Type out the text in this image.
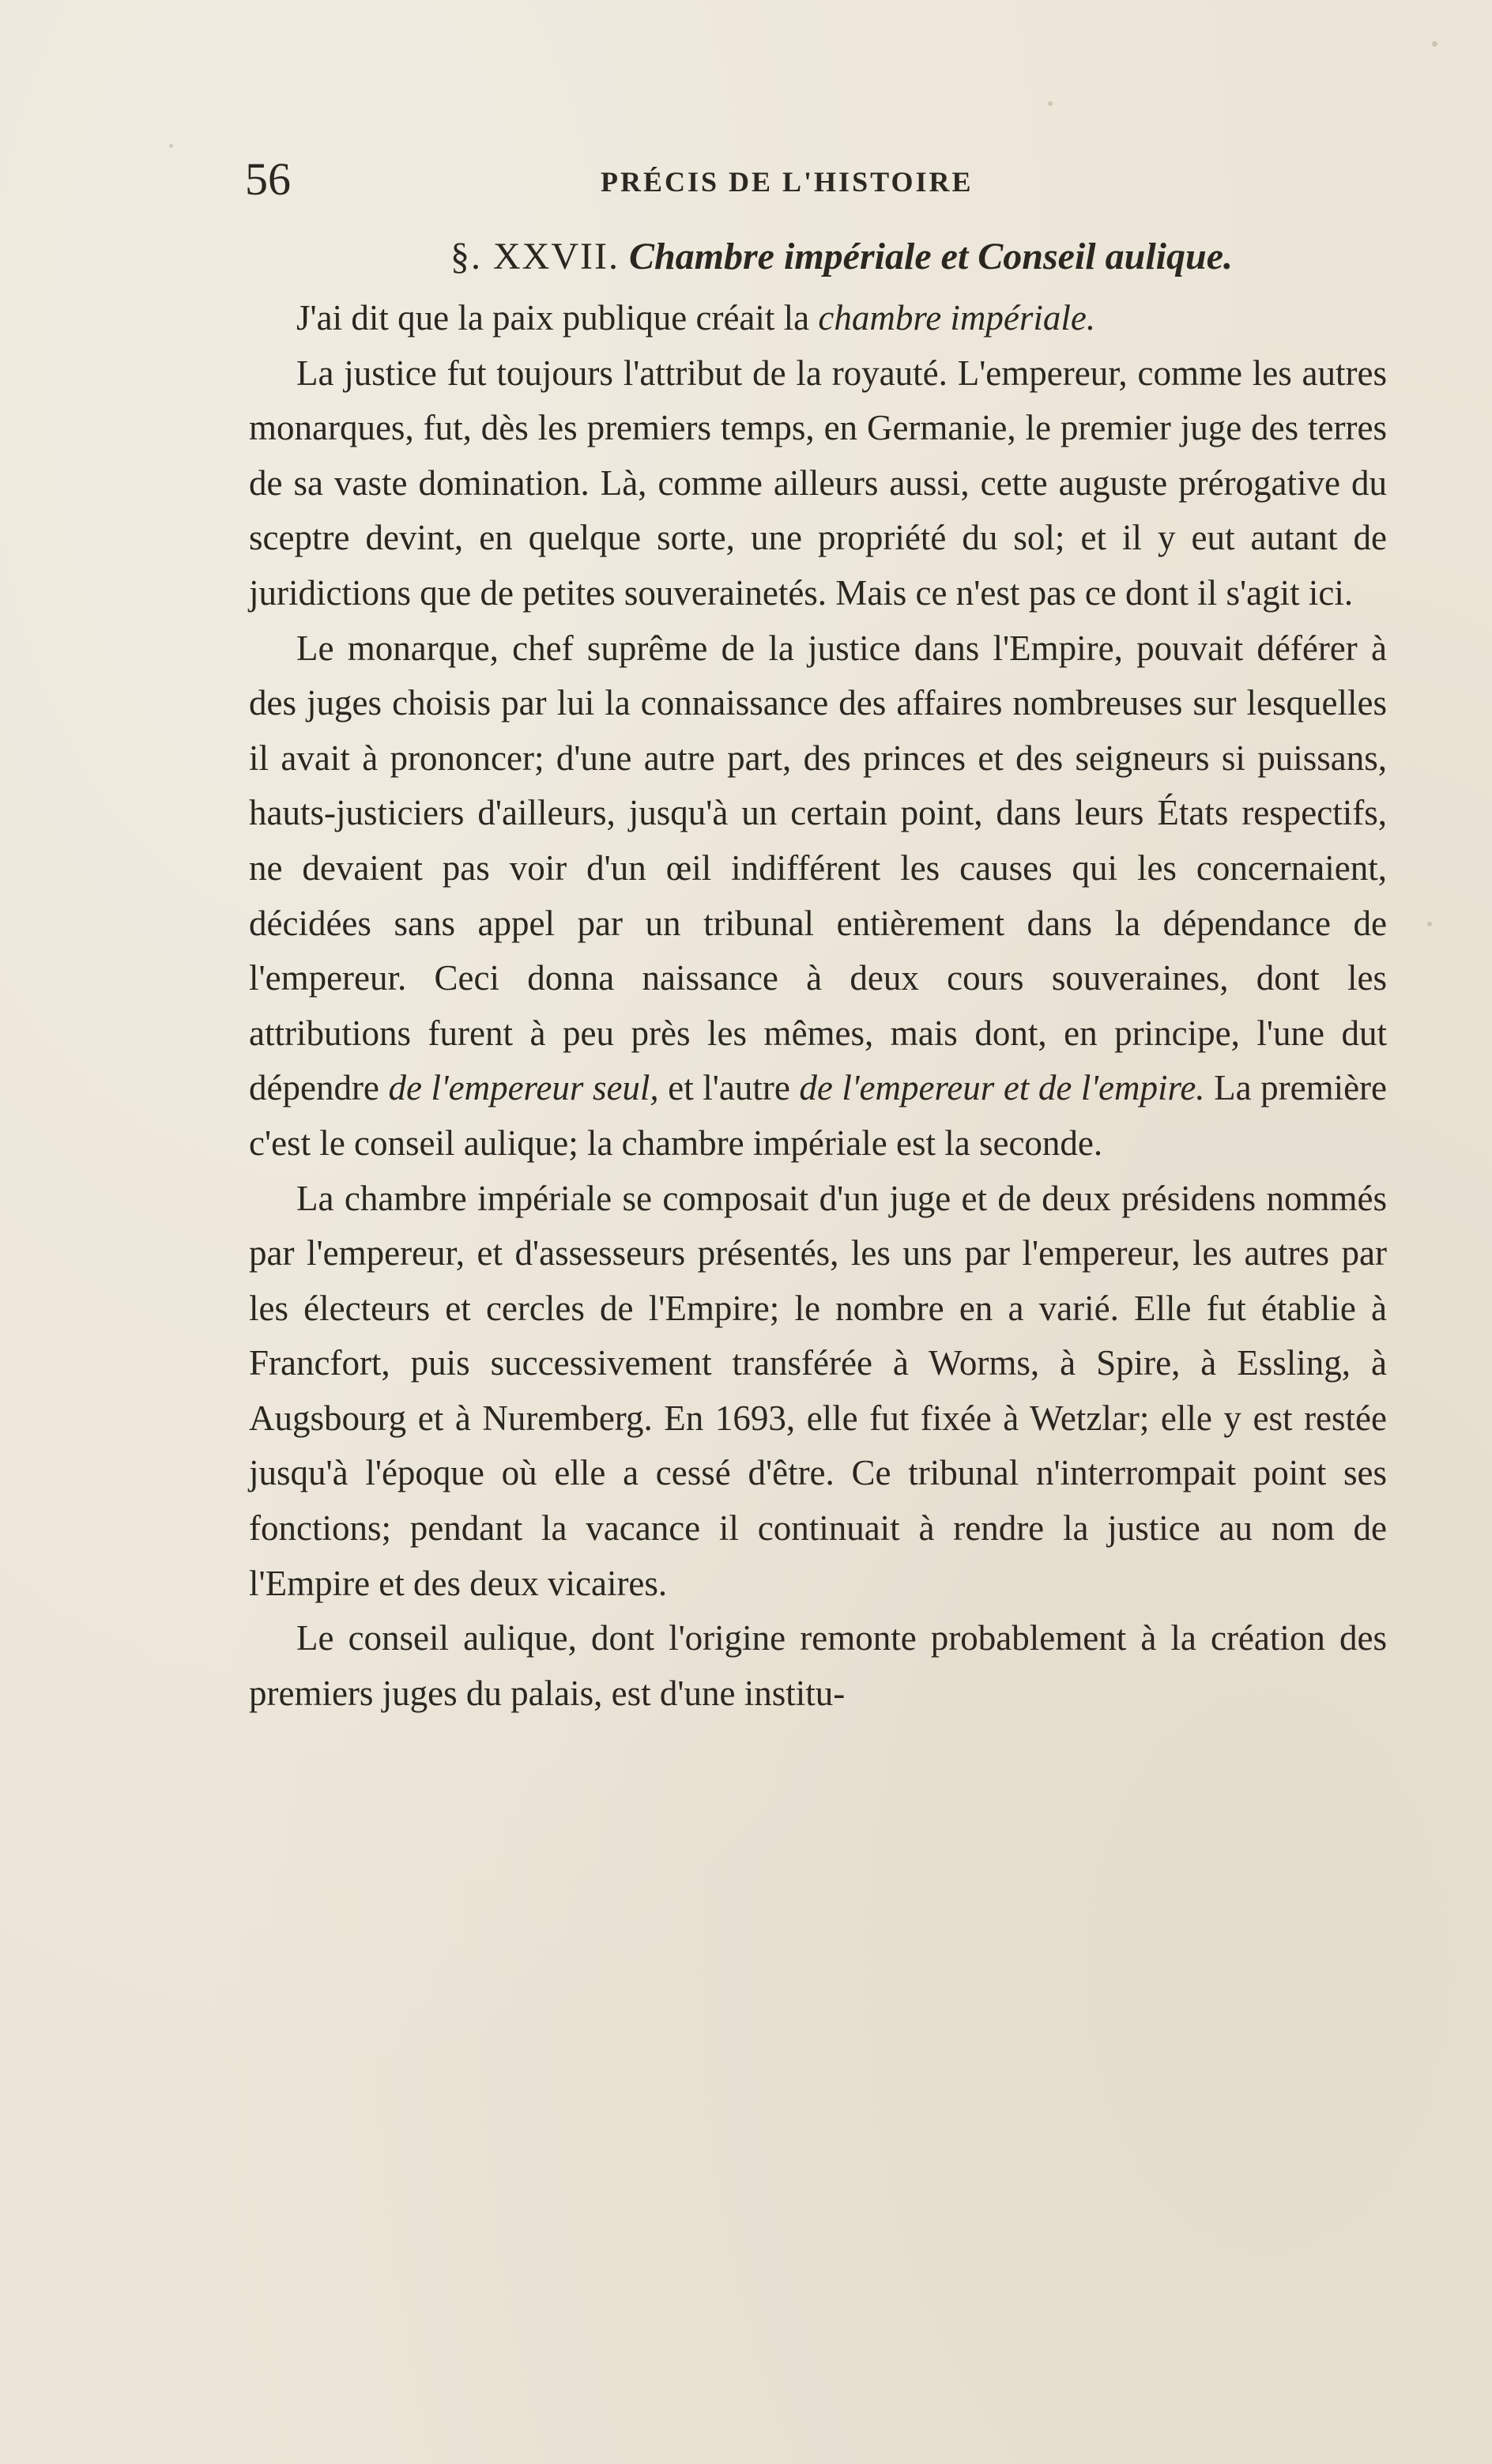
56	PRÉCIS DE L'HISTOIRE
§. XXVII. Chambre impériale et Conseil aulique.

J'ai dit que la paix publique créait la chambre impériale.

La justice fut toujours l'attribut de la royauté. L'empereur, comme les autres monarques, fut, dès les premiers temps, en Germanie, le premier juge des terres de sa vaste domination. Là, comme ailleurs aussi, cette auguste prérogative du sceptre devint, en quelque sorte, une propriété du sol; et il y eut autant de juridictions que de petites souverainetés. Mais ce n'est pas ce dont il s'agit ici.

Le monarque, chef suprême de la justice dans l'Empire, pouvait déférer à des juges choisis par lui la connaissance des affaires nombreuses sur lesquelles il avait à prononcer; d'une autre part, des princes et des seigneurs si puissans, hauts-justiciers d'ailleurs, jusqu'à un certain point, dans leurs États respectifs, ne devaient pas voir d'un œil indifférent les causes qui les concernaient, décidées sans appel par un tribunal entièrement dans la dépendance de l'empereur. Ceci donna naissance à deux cours souveraines, dont les attributions furent à peu près les mêmes, mais dont, en principe, l'une dut dépendre de l'empereur seul, et l'autre de l'empereur et de l'empire. La première c'est le conseil aulique; la chambre impériale est la seconde.

La chambre impériale se composait d'un juge et de deux présidens nommés par l'empereur, et d'assesseurs présentés, les uns par l'empereur, les autres par les électeurs et cercles de l'Empire; le nombre en a varié. Elle fut établie à Francfort, puis successivement transférée à Worms, à Spire, à Essling, à Augsbourg et à Nuremberg. En 1693, elle fut fixée à Wetzlar; elle y est restée jusqu'à l'époque où elle a cessé d'être. Ce tribunal n'interrompait point ses fonctions; pendant la vacance il continuait à rendre la justice au nom de l'Empire et des deux vicaires.

Le conseil aulique, dont l'origine remonte probablement à la création des premiers juges du palais, est d'une institu-
